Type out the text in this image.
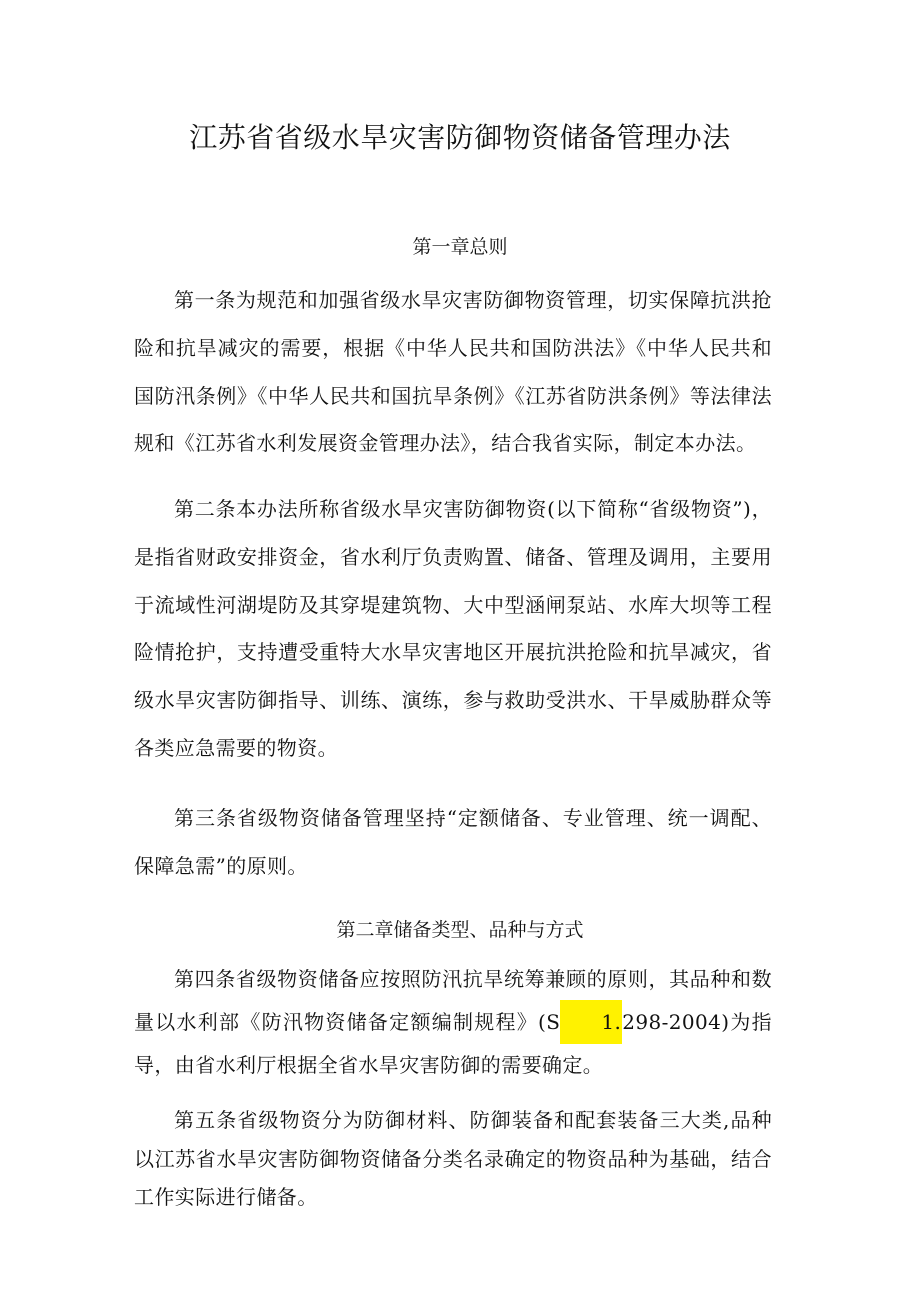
江苏省省级水旱灾害防御物资储备管理办法
第一章总则

第一条为规范和加强省级水旱灾害防御物资管理，切实保障抗洪抢险和抗旱减灾的需要，根据《中华人民共和国防洪法》《中华人民共和国防汛条例》《中华人民共和国抗旱条例》《江苏省防洪条例》等法律法规和《江苏省水利发展资金管理办法》，结合我省实际，制定本办法。

第二条本办法所称省级水旱灾害防御物资(以下简称“省级物资”)，是指省财政安排资金，省水利厅负责购置、储备、管理及调用，主要用于流域性河湖堤防及其穿堤建筑物、大中型涵闸泵站、水库大坝等工程险情抢护，支持遭受重特大水旱灾害地区开展抗洪抢险和抗旱减灾，省级水旱灾害防御指导、训练、演练，参与救助受洪水、干旱威胁群众等各类应急需要的物资。

第三条省级物资储备管理坚持“定额储备、专业管理、统一调配、保障急需”的原则。

第二章储备类型、品种与方式

第四条省级物资储备应按照防汛抗旱统筹兼顾的原则，其品种和数量以水利部《防汛物资储备定额编制规程》(S 1.298-2004)为指导，由省水利厅根据全省水旱灾害防御的需要确定。

第五条省级物资分为防御材料、防御装备和配套装备三大类,品种以江苏省水旱灾害防御物资储备分类名录确定的物资品种为基础，结合工作实际进行储备。
